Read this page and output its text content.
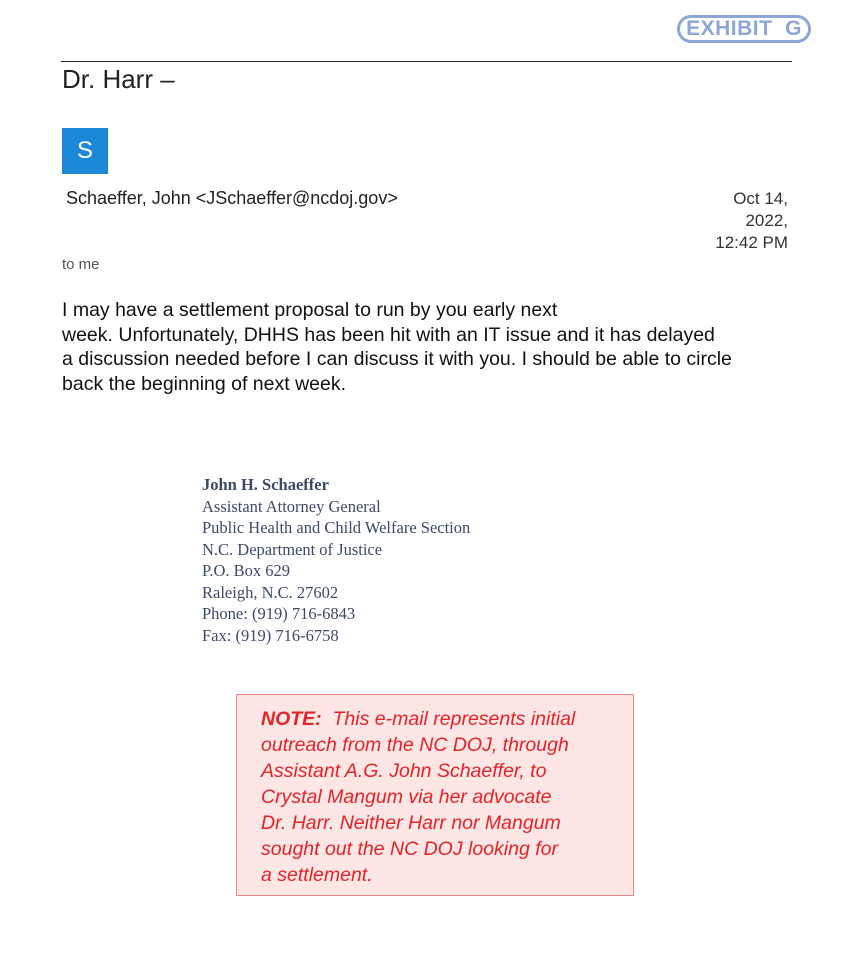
EXHIBIT  G
Dr. Harr –
S
Schaeffer, John <JSchaeffer@ncdoj.gov>	Oct 14,
2022,
12:42 PM
to me

I may have a settlement proposal to run by you early next

week. Unfortunately, DHHS has been hit with an IT issue and it has delayed

a discussion needed before I can discuss it with you. I should be able to circle

back the beginning of next week.

John H. Schaeffer
Assistant Attorney General
Public Health and Child Welfare Section
N.C. Department of Justice
P.O. Box 629
Raleigh, N.C. 27602
Phone: (919) 716-6843
Fax: (919) 716-6758
NOTE:  This e-mail represents initial
outreach from the NC DOJ, through
Assistant A.G. John Schaeffer, to
Crystal Mangum via her advocate
Dr. Harr. Neither Harr nor Mangum
sought out the NC DOJ looking for
a settlement.
